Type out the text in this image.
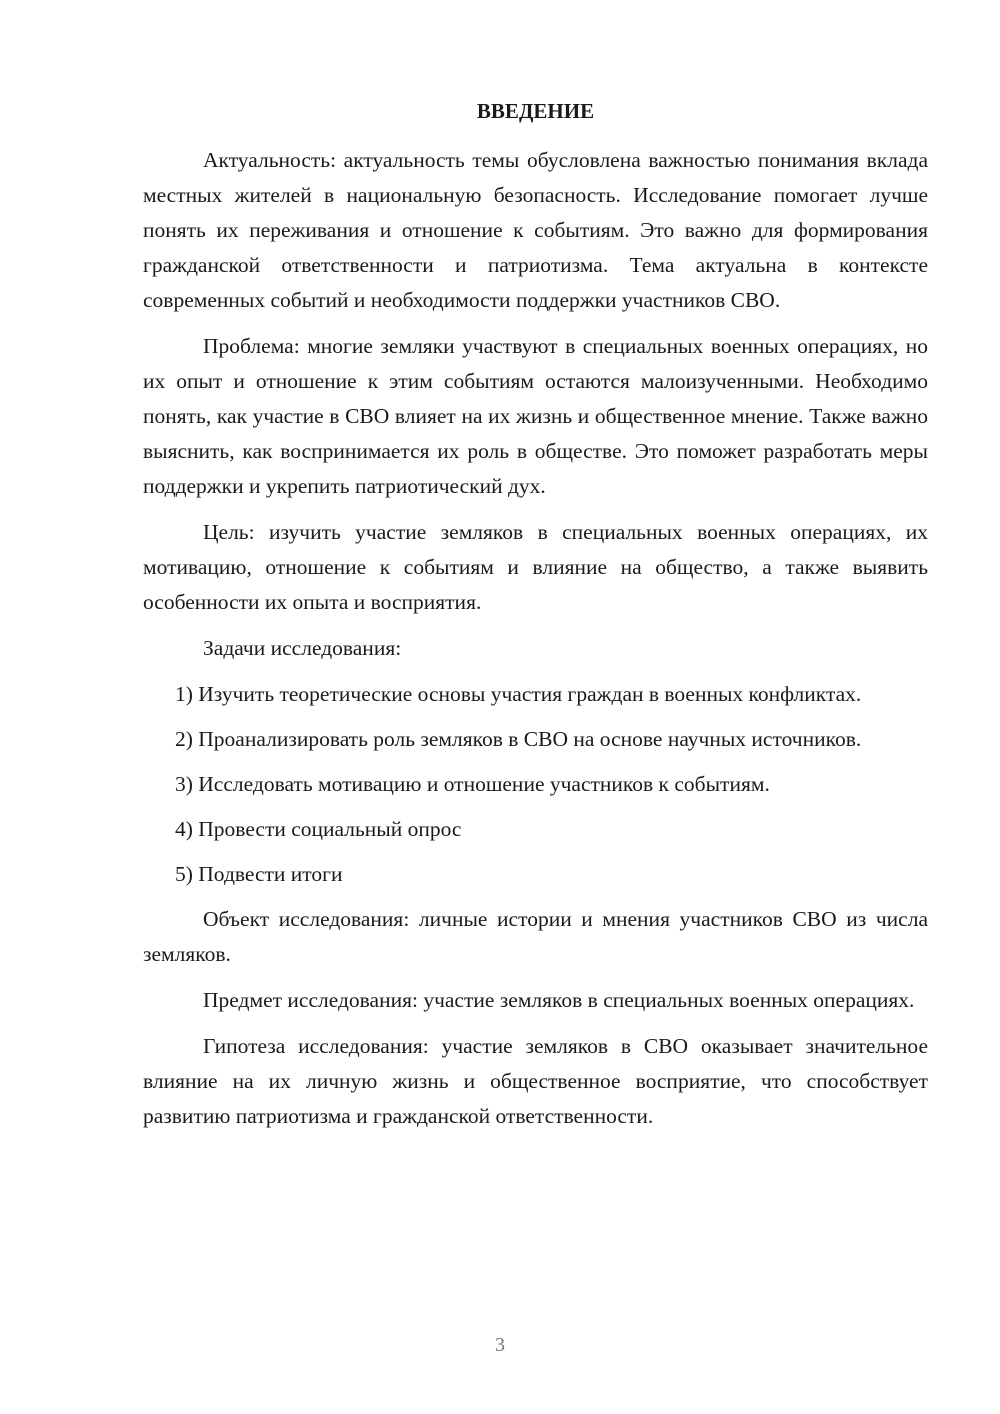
ВВЕДЕНИЕ

Актуальность: актуальность темы обусловлена важностью понимания вклада местных жителей в национальную безопасность. Исследование помогает лучше понять их переживания и отношение к событиям. Это важно для формирования гражданской ответственности и патриотизма. Тема актуальна в контексте современных событий и необходимости поддержки участников СВО.

Проблема: многие земляки участвуют в специальных военных операциях, но их опыт и отношение к этим событиям остаются малоизученными. Необходимо понять, как участие в СВО влияет на их жизнь и общественное мнение. Также важно выяснить, как воспринимается их роль в обществе. Это поможет разработать меры поддержки и укрепить патриотический дух.

Цель: изучить участие земляков в специальных военных операциях, их мотивацию, отношение к событиям и влияние на общество, а также выявить особенности их опыта и восприятия.

Задачи исследования:

1) Изучить теоретические основы участия граждан в военных конфликтах.

2) Проанализировать роль земляков в СВО на основе научных источников.

3) Исследовать мотивацию и отношение участников к событиям.

4) Провести социальный опрос

5) Подвести итоги

Объект исследования: личные истории и мнения участников СВО из числа земляков.

Предмет исследования: участие земляков в специальных военных операциях.

Гипотеза исследования: участие земляков в СВО оказывает значительное влияние на их личную жизнь и общественное восприятие, что способствует развитию патриотизма и гражданской ответственности.

3
